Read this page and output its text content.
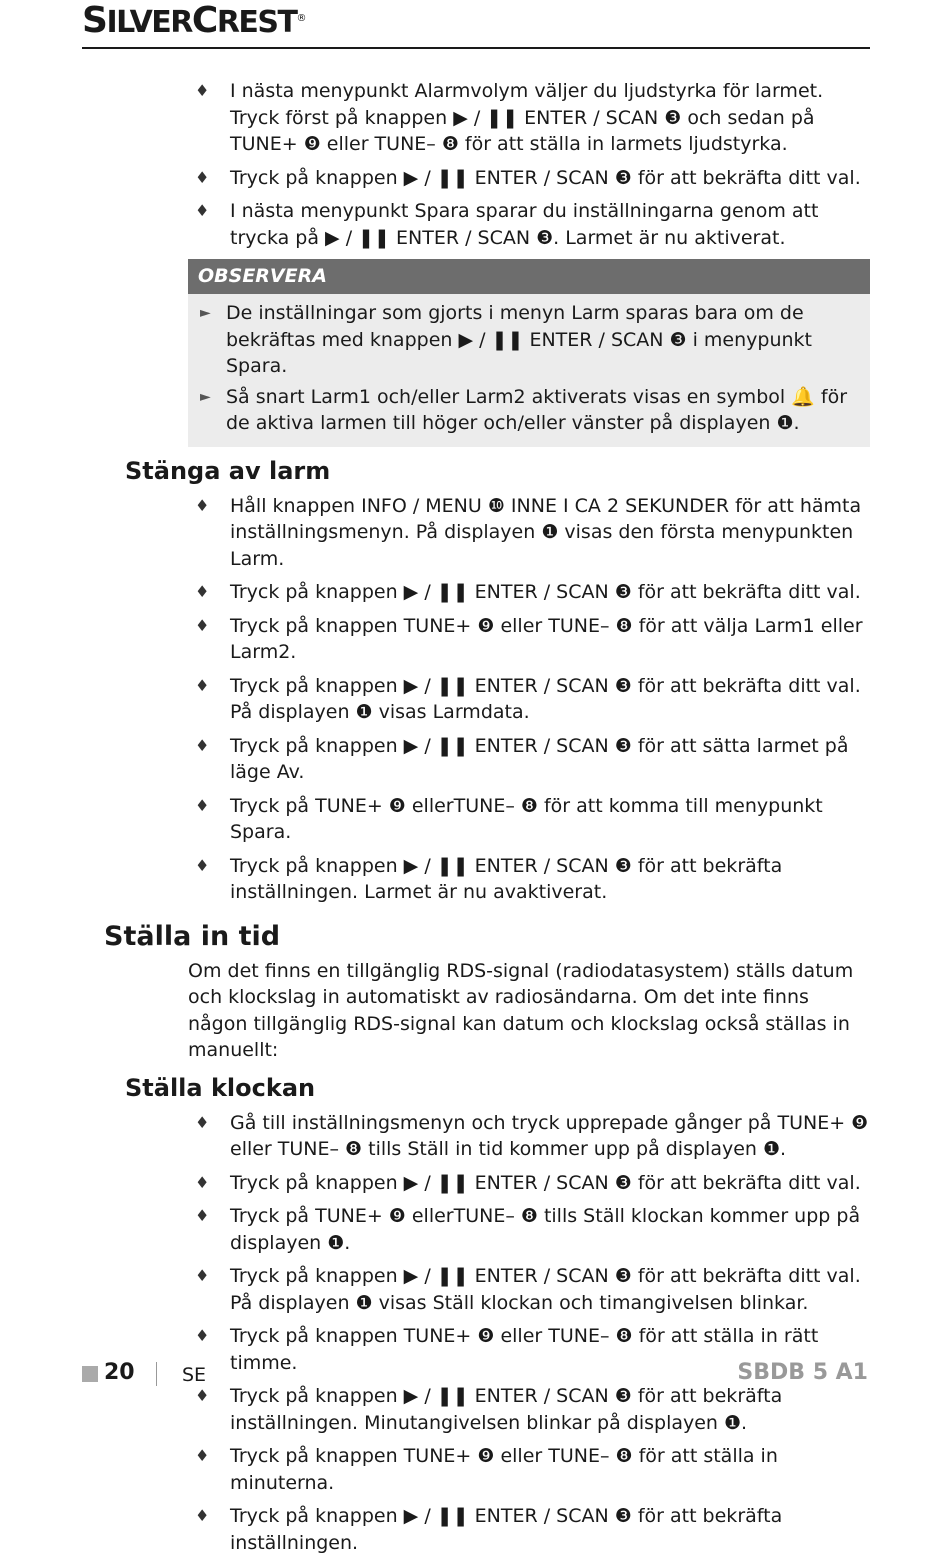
SILVERCREST®
♦ I nästa menypunkt Alarmvolym väljer du ljudstyrka för larmet. Tryck först på knappen ▶ / ❚❚ ENTER / SCAN ❸ och sedan på TUNE+ ❾ eller TUNE– ❽ för att ställa in larmets ljudstyrka.
♦ Tryck på knappen ▶ / ❚❚ ENTER / SCAN ❸ för att bekräfta ditt val.
♦ I nästa menypunkt Spara sparar du inställningarna genom att trycka på ▶ / ❚❚ ENTER / SCAN ❸. Larmet är nu aktiverat.
OBSERVERA
► De inställningar som gjorts i menyn Larm sparas bara om de bekräftas med knappen ▶ / ❚❚ ENTER / SCAN ❸ i menypunkt Spara.
► Så snart Larm1 och/eller Larm2 aktiverats visas en symbol 🔔 för de aktiva larmen till höger och/eller vänster på displayen ❶.
Stänga av larm
♦ Håll knappen INFO / MENU ❿ INNE I CA 2 SEKUNDER för att hämta inställningsmenyn. På displayen ❶ visas den första menypunkten Larm.
♦ Tryck på knappen ▶ / ❚❚ ENTER / SCAN ❸ för att bekräfta ditt val.
♦ Tryck på knappen TUNE+ ❾ eller TUNE– ❽ för att välja Larm1 eller Larm2.
♦ Tryck på knappen ▶ / ❚❚ ENTER / SCAN ❸ för att bekräfta ditt val. På displayen ❶ visas Larmdata.
♦ Tryck på knappen ▶ / ❚❚ ENTER / SCAN ❸ för att sätta larmet på läge Av.
♦ Tryck på TUNE+ ❾ ellerTUNE– ❽ för att komma till menypunkt Spara.
♦ Tryck på knappen ▶ / ❚❚ ENTER / SCAN ❸ för att bekräfta inställningen. Larmet är nu avaktiverat.
Ställa in tid

Om det finns en tillgänglig RDS-signal (radiodatasystem) ställs datum och klockslag in automatiskt av radiosändarna. Om det inte finns någon tillgänglig RDS-signal kan datum och klockslag också ställas in manuellt:

Ställa klockan
♦ Gå till inställningsmenyn och tryck upprepade gånger på TUNE+ ❾ eller TUNE– ❽ tills Ställ in tid kommer upp på displayen ❶.
♦ Tryck på knappen ▶ / ❚❚ ENTER / SCAN ❸ för att bekräfta ditt val.
♦ Tryck på TUNE+ ❾ ellerTUNE– ❽ tills Ställ klockan kommer upp på displayen ❶.
♦ Tryck på knappen ▶ / ❚❚ ENTER / SCAN ❸ för att bekräfta ditt val. På displayen ❶ visas Ställ klockan och timangivelsen blinkar.
♦ Tryck på knappen TUNE+ ❾ eller TUNE– ❽ för att ställa in rätt timme.
♦ Tryck på knappen ▶ / ❚❚ ENTER / SCAN ❸ för att bekräfta inställningen. Minutangivelsen blinkar på displayen ❶.
♦ Tryck på knappen TUNE+ ❾ eller TUNE– ❽ för att ställa in minuterna.
♦ Tryck på knappen ▶ / ❚❚ ENTER / SCAN ❸ för att bekräfta inställningen.
20 SE	SBDB 5 A1
